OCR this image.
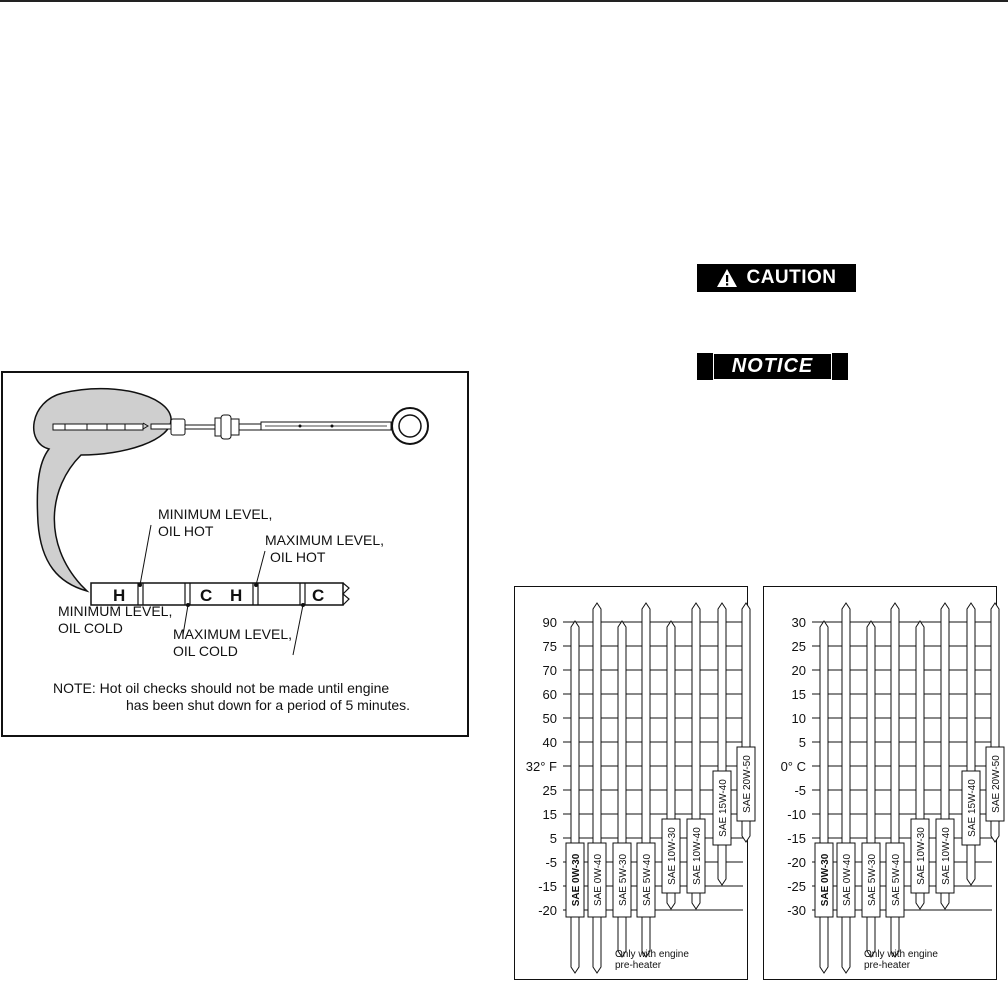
CAUTION
NOTICE
H	C H	C
MINIMUM LEVEL,
OIL HOT
MAXIMUM LEVEL,
OIL HOT
MINIMUM LEVEL,
OIL COLD	MAXIMUM LEVEL,
OIL COLD
NOTE: Hot oil checks should not be made until engine
has been shut down for a period of 5 minutes.
90
75
70
60
50
40
32° F
25
15
5
-5
-15
-20
SAE 0W-30 SAE 0W-40 SAE 5W-30 SAE 5W-40 SAE 10W-30 SAE 10W-40
SAE 15W-40 SAE 20W-50
Only with engine
pre-heater
30
25
20
15
10
5
0° C
-5
-10
-15
-20
-25
-30
SAE 0W-30 SAE 0W-40 SAE 5W-30 SAE 5W-40 SAE 10W-30 SAE 10W-40
SAE 15W-40 SAE 20W-50
Only with engine
pre-heater
